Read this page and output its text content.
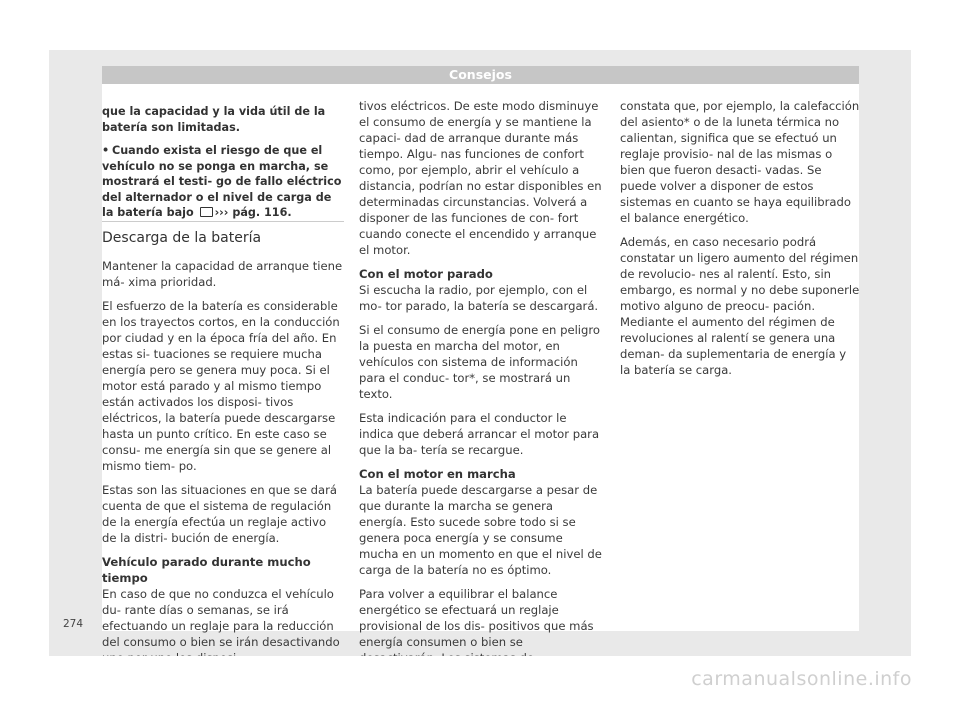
Consejos

que la capacidad y la vida útil de la batería son limitadas.

• Cuando exista el riesgo de que el vehículo no se ponga en marcha, se mostrará el testi- go de fallo eléctrico del alternador o el nivel de carga de la batería bajo ››› pág. 116.

Descarga de la batería

Mantener la capacidad de arranque tiene má- xima prioridad.

El esfuerzo de la batería es considerable en los trayectos cortos, en la conducción por ciudad y en la época fría del año. En estas si- tuaciones se requiere mucha energía pero se genera muy poca. Si el motor está parado y al mismo tiempo están activados los disposi- tivos eléctricos, la batería puede descargarse hasta un punto crítico. En este caso se consu- me energía sin que se genere al mismo tiem- po.

Estas son las situaciones en que se dará cuenta de que el sistema de regulación de la energía efectúa un reglaje activo de la distri- bución de energía.

Vehículo parado durante mucho tiempo

En caso de que no conduzca el vehículo du- rante días o semanas, se irá efectuando un reglaje para la reducción del consumo o bien se irán desactivando

tivos eléctricos. De este modo disminuye el consumo de energía y se mantiene la capaci- dad de arranque durante más tiempo. Algu- nas funciones de confort como, por ejemplo, abrir el vehículo a distancia, podrían no estar disponibles en determinadas circunstancias. Volverá a disponer de las funciones de con- fort cuando conecte el encendido y arranque el motor.

Con el motor parado

Si escucha la radio, por ejemplo, con el mo- tor parado, la batería se descargará.

Si el consumo de energía pone en peligro la puesta en marcha del motor, en vehículos con sistema de información para el conduc- tor*, se mostrará un texto.

Esta indicación para el conductor le indica que deberá arrancar el motor para que la ba- tería se recargue.

Con el motor en marcha

La batería puede descargarse a pesar de que durante la marcha se genera energía. Esto sucede sobre todo si se genera poca energía y se consume mucha en un momento en que el nivel de carga de la batería no es óptimo.

Para volver a equilibrar el balance energético se efectuará un reglaje provisional de los dis- positivos que más energía consumen o bien se

constata que, por ejemplo, la calefacción del asiento* o de la luneta térmica no calientan, significa que se efectuó un reglaje provisio- nal de las mismas o bien que fueron desacti- vadas. Se puede volver a disponer de estos sistemas en cuanto se haya equilibrado el balance energético.

Además, en caso necesario podrá constatar un ligero aumento del régimen de revolucio- nes al ralentí. Esto, sin embargo, es normal y no debe suponerle motivo alguno de preocu- pación. Mediante el aumento del régimen de revoluciones al ralentí se genera una deman- da suplementaria de energía y la batería se carga.

274
carmanualsonline.info
